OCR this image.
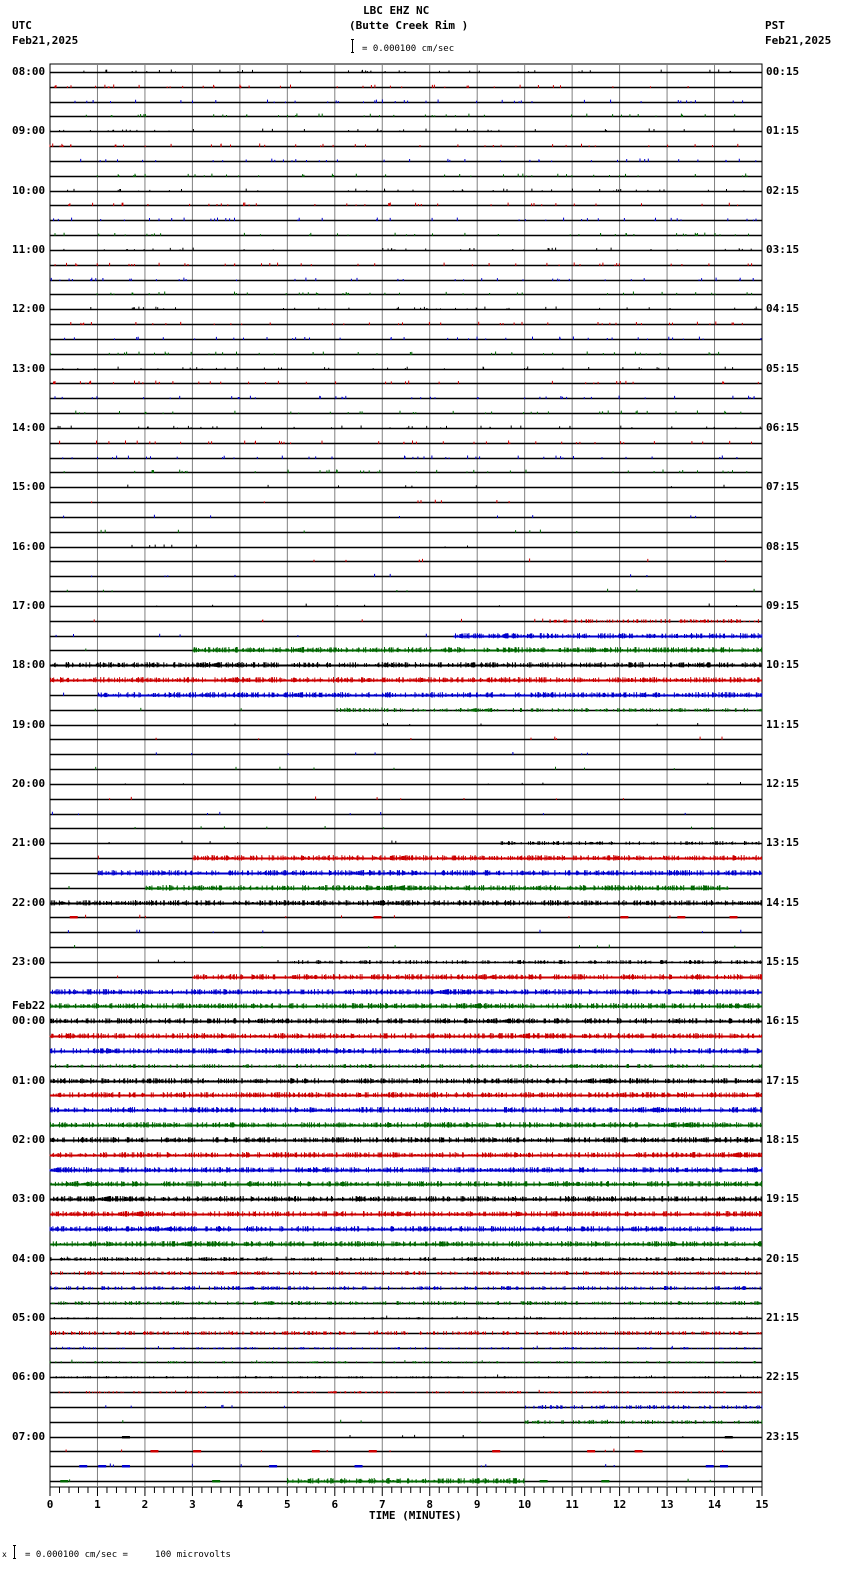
LBC EHZ NC
(Butte Creek Rim )
UTC
Feb21,2025
PST
Feb21,2025
= 0.000100 cm/sec
TIME (MINUTES)
x = 0.000100 cm/sec =     100 microvolts
08:00
09:00
10:00
11:00
12:00
13:00
14:00
15:00
16:00
17:00
18:00
19:00
20:00
21:00
22:00
23:00
00:00
Feb22
01:00
02:00
03:00
04:00
05:00
06:00
07:00
00:15
01:15
02:15
03:15
04:15
05:15
06:15
07:15
08:15
09:15
10:15
11:15
12:15
13:15
14:15
15:15
16:15
17:15
18:15
19:15
20:15
21:15
22:15
23:15
0	1	2	3	4	5	6	7	8	9	10	11	12	13	14	15
